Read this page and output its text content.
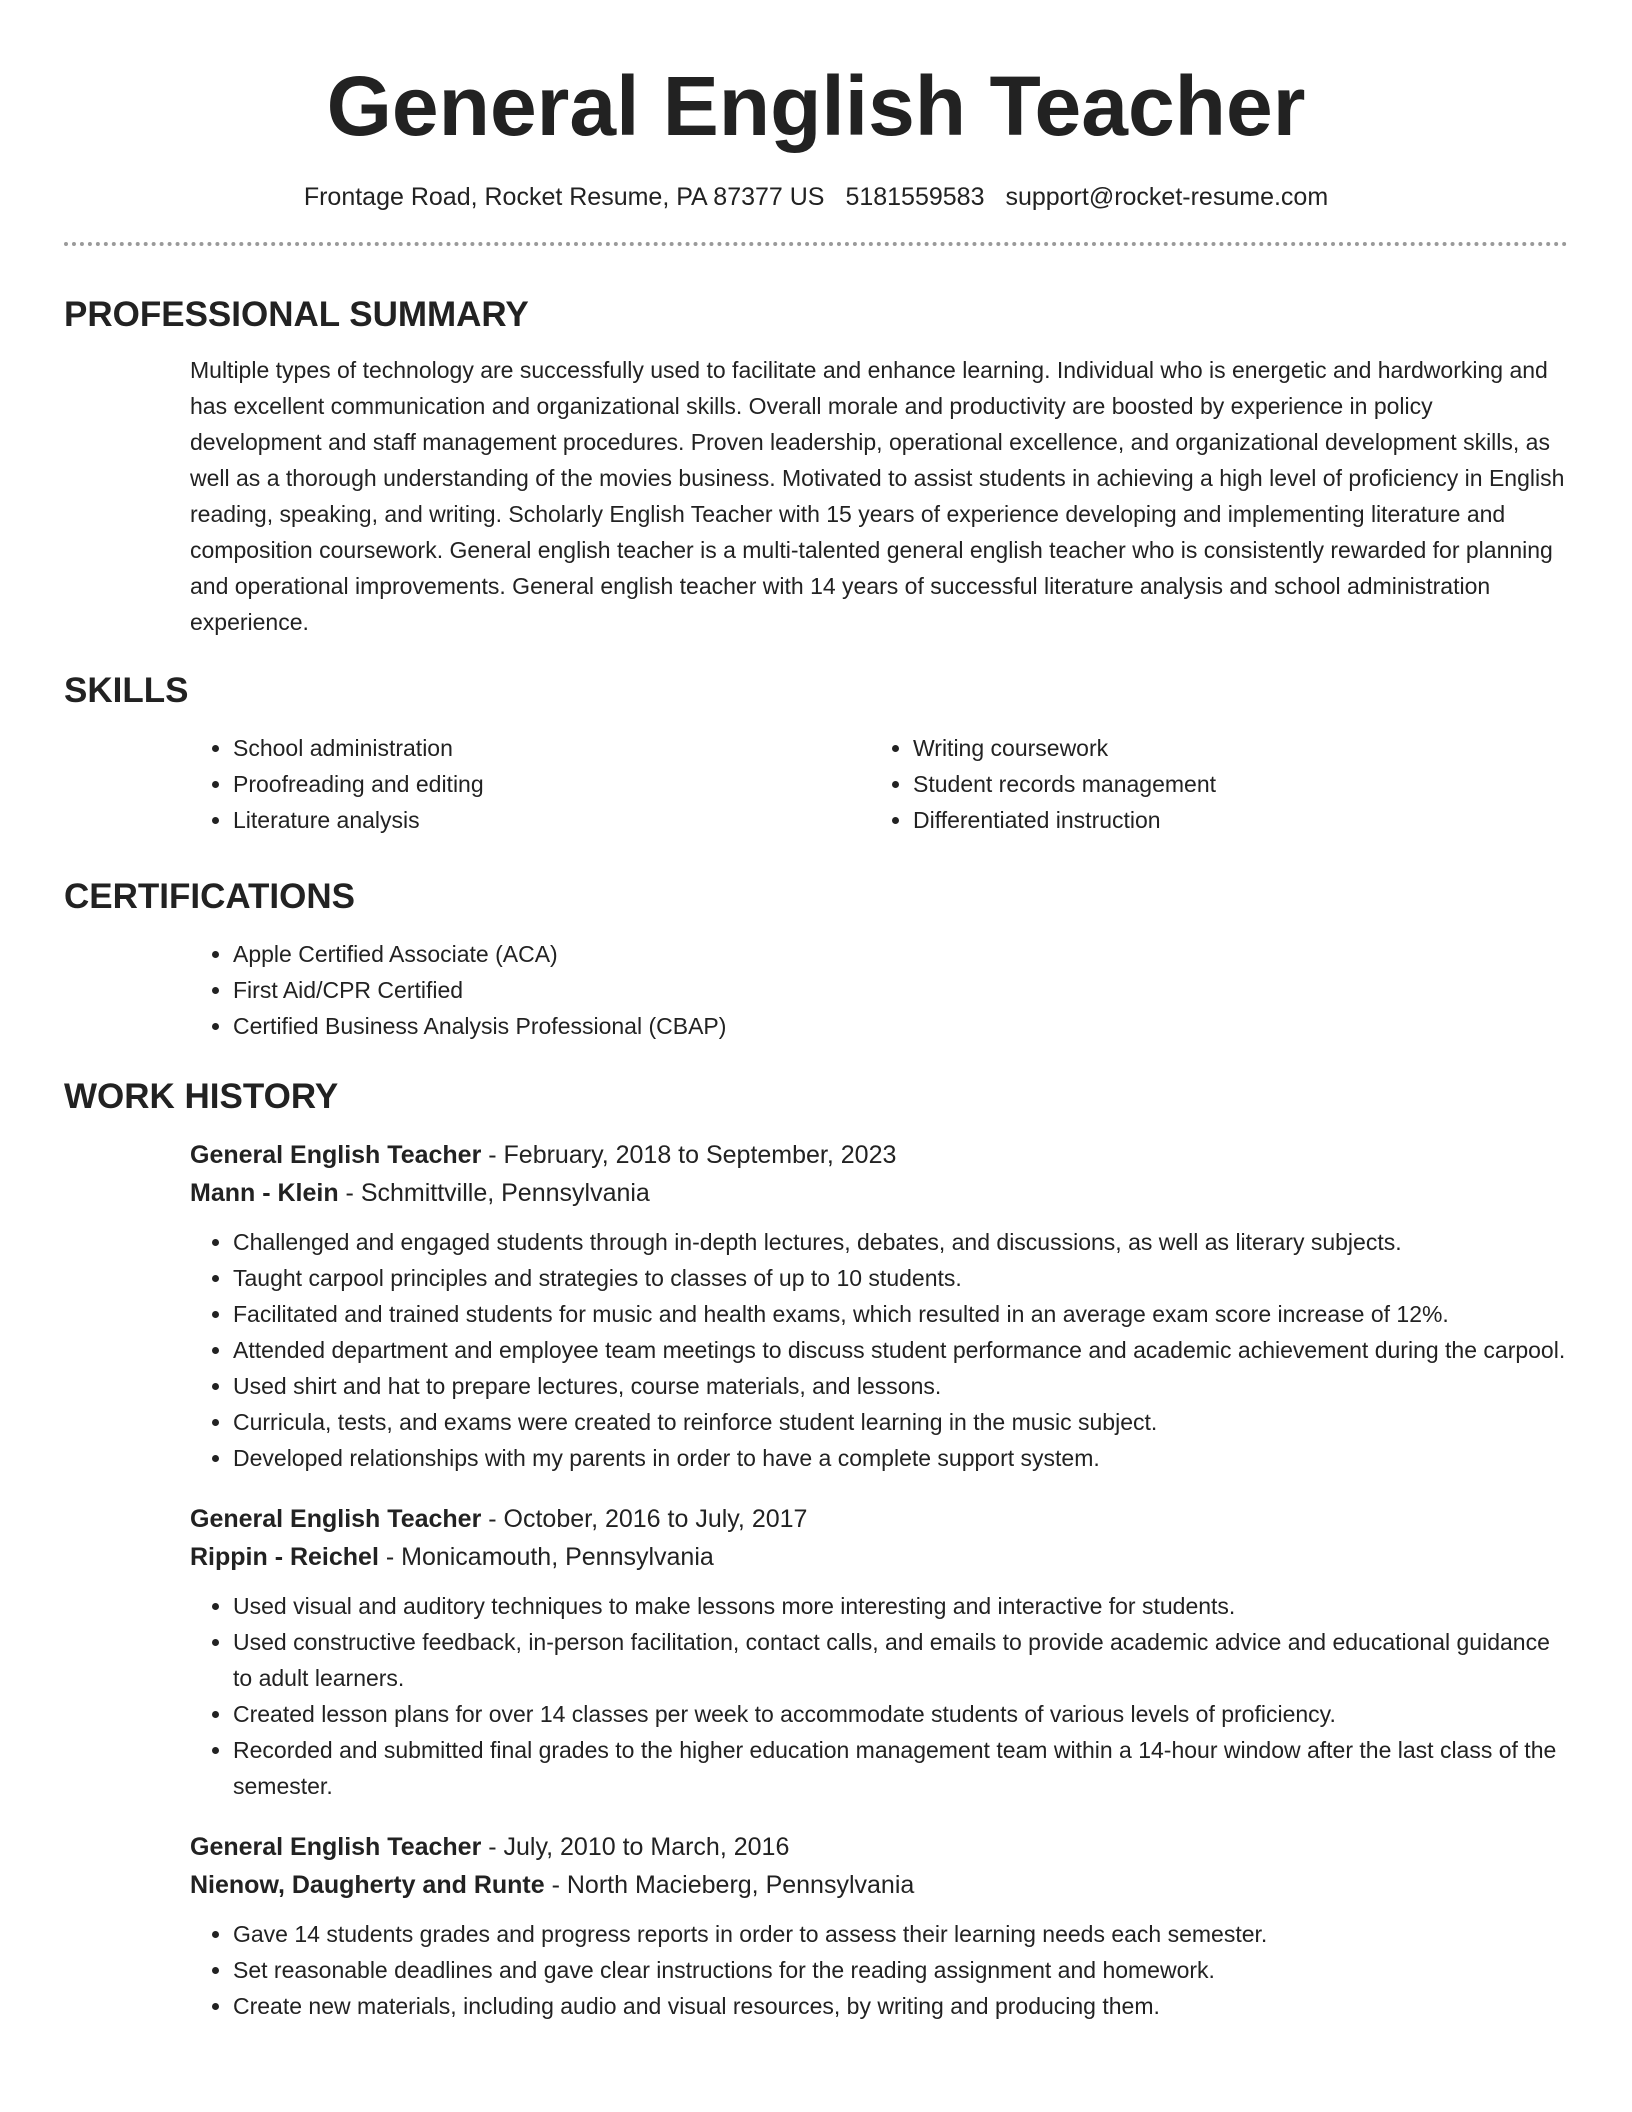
General English Teacher
Frontage Road, Rocket Resume, PA 87377 US 5181559583 support@rocket-resume.com
PROFESSIONAL SUMMARY

Multiple types of technology are successfully used to facilitate and enhance learning. Individual who is energetic and hardworking and has excellent communication and organizational skills. Overall morale and productivity are boosted by experience in policy development and staff management procedures. Proven leadership, operational excellence, and organizational development skills, as well as a thorough understanding of the movies business. Motivated to assist students in achieving a high level of proficiency in English reading, speaking, and writing. Scholarly English Teacher with 15 years of experience developing and implementing literature and composition coursework. General english teacher is a multi-talented general english teacher who is consistently rewarded for planning and operational improvements. General english teacher with 14 years of successful literature analysis and school administration experience.

SKILLS
• School administration
• Proofreading and editing
• Literature analysis
• Writing coursework
• Student records management
• Differentiated instruction
CERTIFICATIONS
• Apple Certified Associate (ACA)
• First Aid/CPR Certified
• Certified Business Analysis Professional (CBAP)
WORK HISTORY
General English Teacher - February, 2018 to September, 2023
Mann - Klein - Schmittville, Pennsylvania
• Challenged and engaged students through in-depth lectures, debates, and discussions, as well as literary subjects.
• Taught carpool principles and strategies to classes of up to 10 students.
• Facilitated and trained students for music and health exams, which resulted in an average exam score increase of 12%.
• Attended department and employee team meetings to discuss student performance and academic achievement during the carpool.
• Used shirt and hat to prepare lectures, course materials, and lessons.
• Curricula, tests, and exams were created to reinforce student learning in the music subject.
• Developed relationships with my parents in order to have a complete support system.
General English Teacher - October, 2016 to July, 2017
Rippin - Reichel - Monicamouth, Pennsylvania
• Used visual and auditory techniques to make lessons more interesting and interactive for students.
• Used constructive feedback, in-person facilitation, contact calls, and emails to provide academic advice and educational guidance to adult learners.
• Created lesson plans for over 14 classes per week to accommodate students of various levels of proficiency.
• Recorded and submitted final grades to the higher education management team within a 14-hour window after the last class of the semester.
General English Teacher - July, 2010 to March, 2016
Nienow, Daugherty and Runte - North Macieberg, Pennsylvania
• Gave 14 students grades and progress reports in order to assess their learning needs each semester.
• Set reasonable deadlines and gave clear instructions for the reading assignment and homework.
• Create new materials, including audio and visual resources, by writing and producing them.
